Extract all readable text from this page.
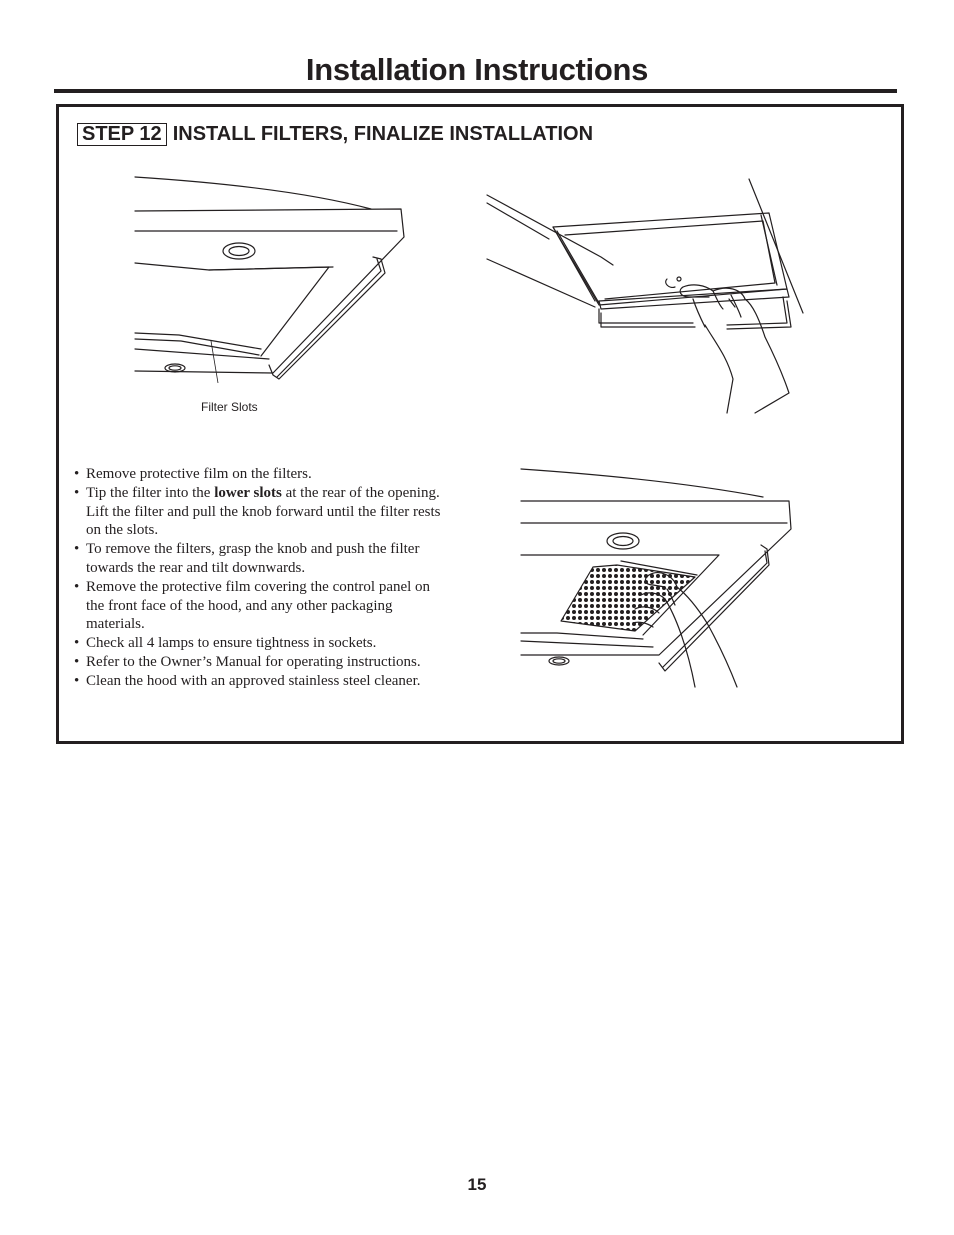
Installation Instructions
STEP 12 INSTALL FILTERS, FINALIZE INSTALLATION
Filter Slots
• Remove protective film on the filters.
• Tip the filter into the lower slots at the rear of the opening. Lift the filter and pull the knob forward until the filter rests on the slots.
• To remove the filters, grasp the knob and push the filter towards the rear and tilt downwards.
• Remove the protective film covering the control panel on the front face of the hood, and any other packaging materials.
• Check all 4 lamps to ensure tightness in sockets.
• Refer to the Owner’s Manual for operating instructions.
• Clean the hood with an approved stainless steel cleaner.
15
